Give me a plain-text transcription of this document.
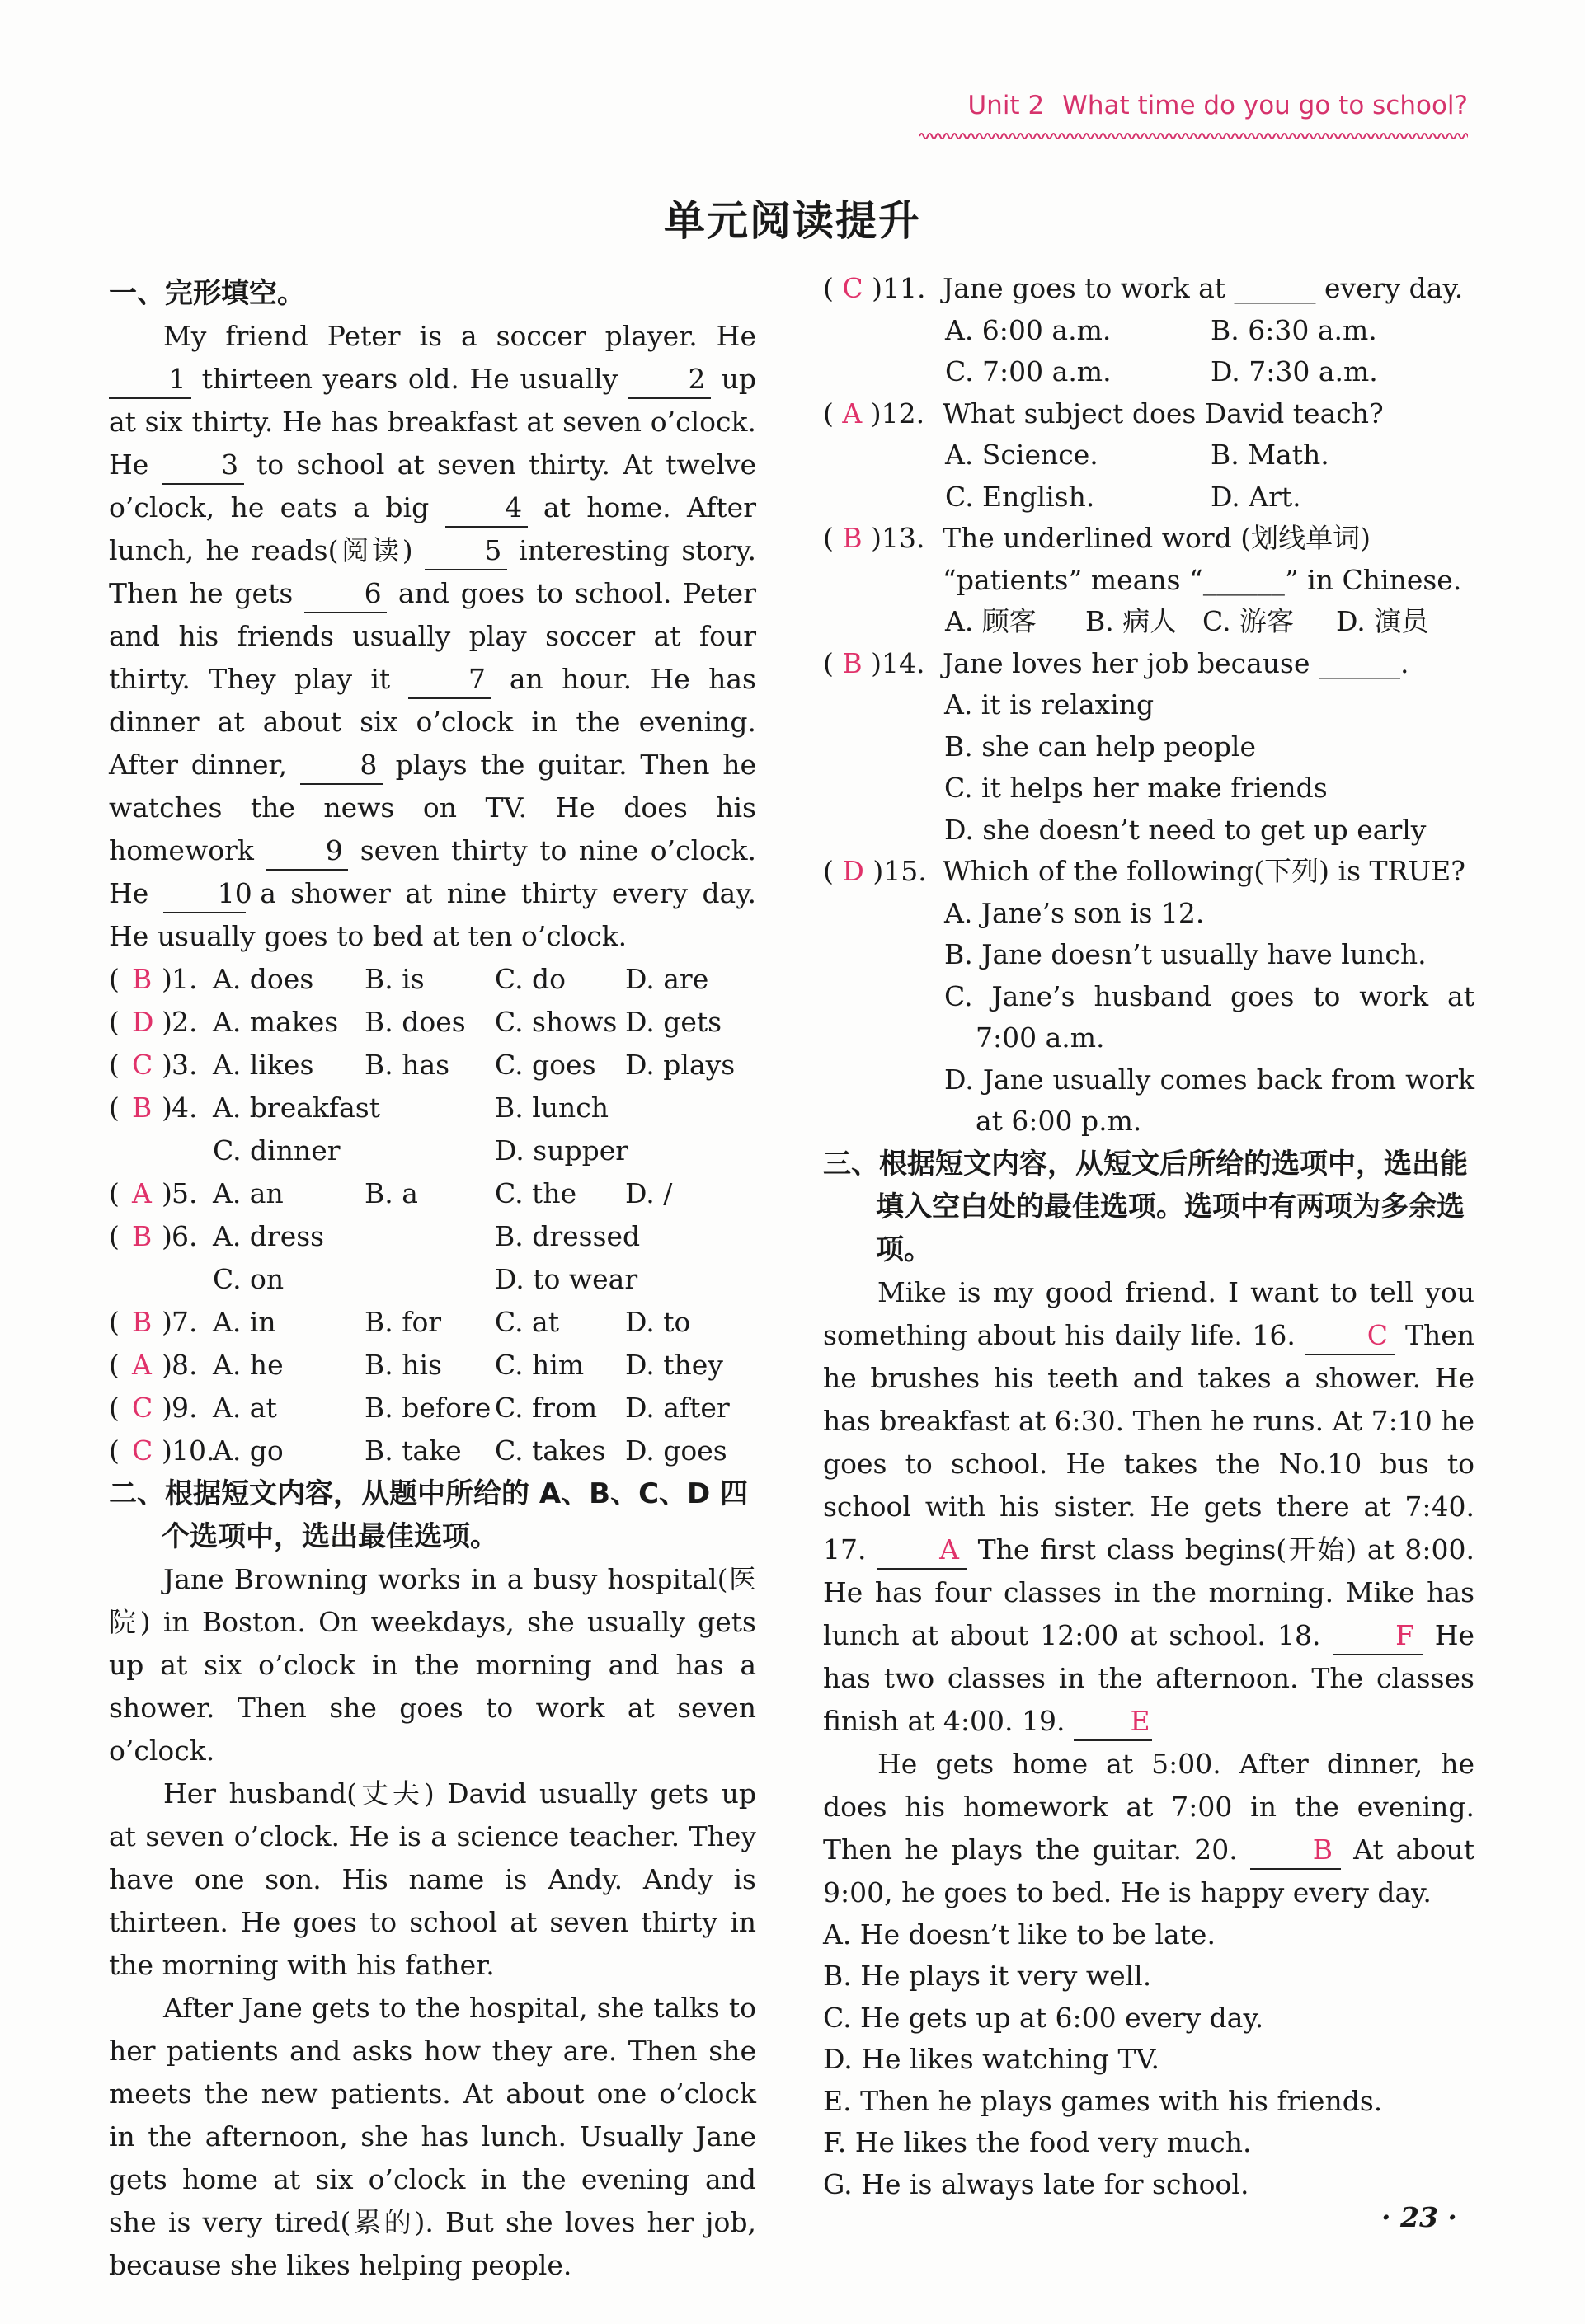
Unit 2 What time do you go to school?
单元阅读提升
一、完形填空。

My friend Peter is a soccer player. He 1 thirteen years old. He usually	2 up at six thirty. He has breakfast at seven o’clock. He	3 to school at seven thirty. At twelve o’clock, he eats a big	4 at home. After lunch, he reads(阅读)	5 interesting story. Then he gets	6 and goes to school. Peter and his friends usually play soccer at four thirty. They play it	7 an hour. He has dinner at about six o’clock in the evening. After dinner,	8 plays the guitar. Then he watches the news on TV. He does his homework	9 seven thirty to nine o’clock. He	10 a shower at nine thirty every day. He usually goes to bed at ten o’clock.

( B ) 1. A. does B. is	C. do D. are
( D ) 2. A. makes B. does C. shows D. gets
( C ) 3. A. likes B. has C. goes D. plays
( B ) 4. A. breakfast	B. lunch
C. dinner	D. supper
( A ) 5. A. an	B. a	C. the D. /
( B ) 6. A. dress	B. dressed
C. on	D. to wear
( B ) 7. A. in	B. for C. at D. to
( A ) 8. A. he	B. his C. him D. they
( C ) 9. A. at	B. before C. from D. after
( C ) 10.
A. go	B. take C. takes D. goes
二、根据短文内容，从题中所给的 A、B、C、D 四个选项中，选出最佳选项。

Jane Browning works in a busy hospital(医院) in Boston. On weekdays, she usually gets up at six o’clock in the morning and has a shower. Then she goes to work at seven o’clock.

Her husband(丈夫) David usually gets up at seven o’clock. He is a science teacher. They have one son. His name is Andy. Andy is thirteen. He goes to school at seven thirty in the morning with his father.

After Jane gets to the hospital, she talks to her patients and asks how they are. Then she meets the new patients. At about one o’clock in the afternoon, she has lunch. Usually Jane gets home at six o’clock in the evening and she is very tired(累的). But she loves her job, because she likes helping people.

( C )11. Jane goes to work at ______ every day.
A. 6:00 a.m.	B. 6:30 a.m.
C. 7:00 a.m.	D. 7:30 a.m.
( A )12. What subject does David teach?
A. Science.	B. Math.
C. English.	D. Art.
( B )13. The underlined word (划线单词) “patients” means “______” in Chinese.
A. 顾客 B. 病人 C. 游客 D. 演员
( B )14. Jane loves her job because ______.
A. it is relaxing
B. she can help people
C. it helps her make friends
D. she doesn’t need to get up early
( D )15. Which of the following(下列) is TRUE?
A. Jane’s son is 12.
B. Jane doesn’t usually have lunch.
C. Jane’s husband goes to work at 7:00 a.m.
D. Jane usually comes back from work at 6:00 p.m.
三、根据短文内容，从短文后所给的选项中，选出能填入空白处的最佳选项。选项中有两项为多余选项。

Mike is my good friend. I want to tell you something about his daily life. 16.	C Then he brushes his teeth and takes a shower. He has breakfast at 6:30. Then he runs. At 7:10 he goes to school. He takes the No.10 bus to school with his sister. He gets there at 7:40. 17.	A The first class begins(开始) at 8:00. He has four classes in the morning. Mike has lunch at about 12:00 at school. 18.	F He has two classes in the afternoon. The classes finish at 4:00. 19. E

He gets home at 5:00. After dinner, he does his homework at 7:00 in the evening. Then he plays the guitar. 20.	B At about 9:00, he goes to bed. He is happy every day.

A. He doesn’t like to be late.
B. He plays it very well.
C. He gets up at 6:00 every day.
D. He likes watching TV.
E. Then he plays games with his friends.
F. He likes the food very much.
G. He is always late for school.
· 23 ·
